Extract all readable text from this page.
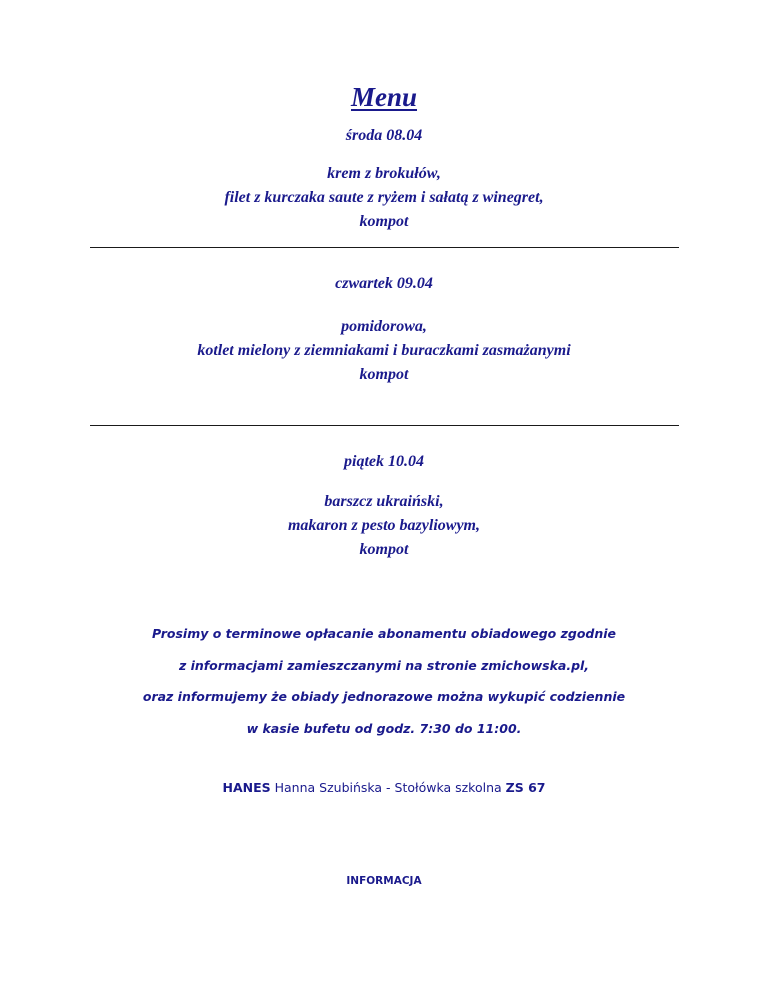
Menu
środa 08.04
krem z brokułów,
filet z kurczaka saute z ryżem i sałatą z winegret,
kompot
czwartek 09.04
pomidorowa,
kotlet mielony z ziemniakami i buraczkami zasmażanymi
kompot
piątek 10.04
barszcz ukraiński,
makaron z pesto bazyliowym,
kompot
Prosimy o terminowe opłacanie abonamentu obiadowego zgodnie
z informacjami zamieszczanymi na stronie zmichowska.pl,
oraz informujemy że obiady jednorazowe można wykupić codziennie
w kasie bufetu od godz. 7:30 do 11:00.
HANES Hanna Szubińska - Stołówka szkolna ZS 67
INFORMACJA
